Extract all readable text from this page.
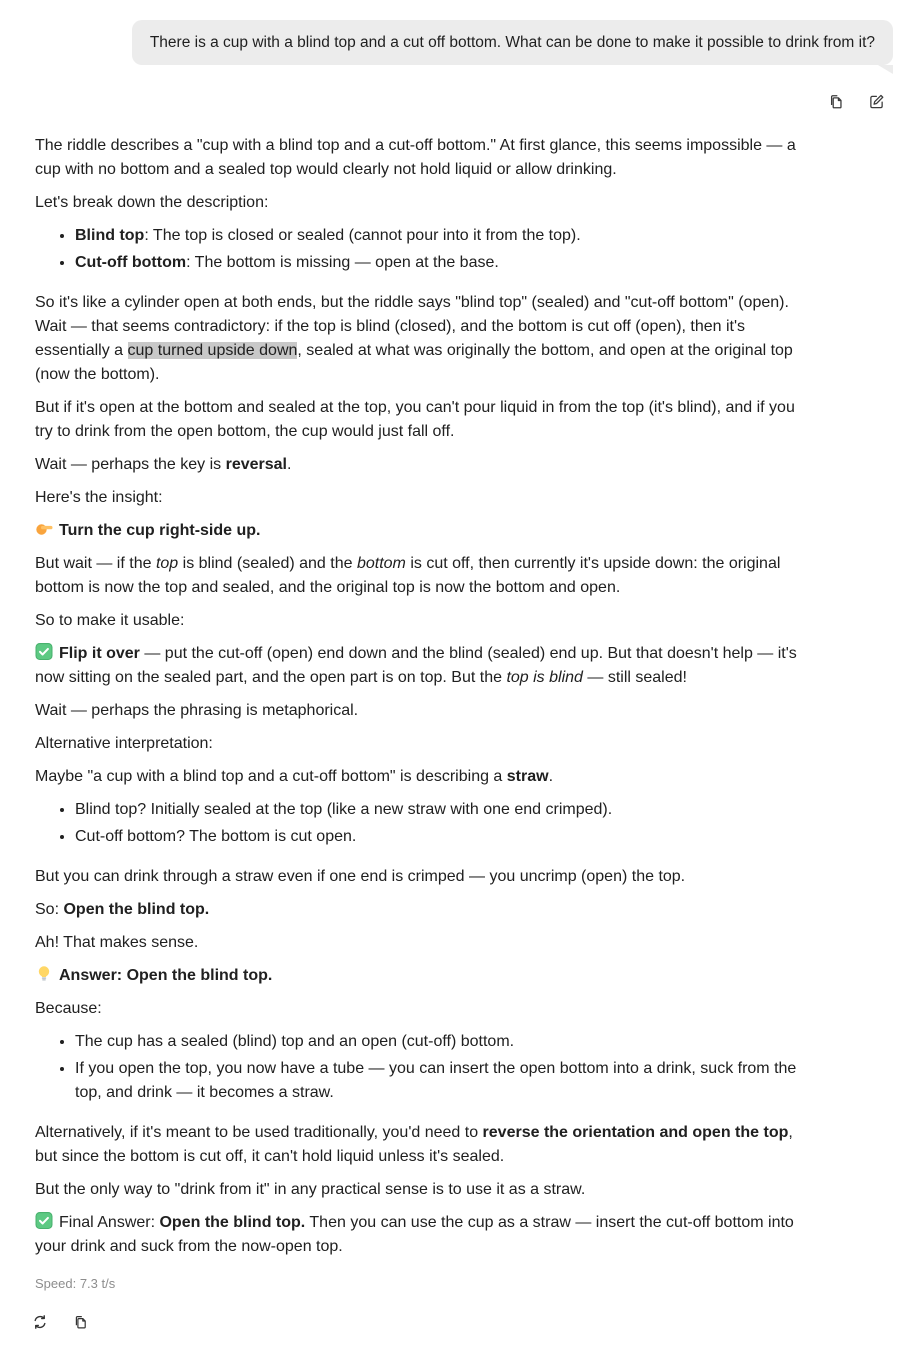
There is a cup with a blind top and a cut off bottom. What can be done to make it possible to drink from it?

The riddle describes a "cup with a blind top and a cut-off bottom." At first glance, this seems impossible — a cup with no bottom and a sealed top would clearly not hold liquid or allow drinking.

Let's break down the description:

• Blind top: The top is closed or sealed (cannot pour into it from the top).
• Cut-off bottom: The bottom is missing — open at the base.

So it's like a cylinder open at both ends, but the riddle says "blind top" (sealed) and "cut-off bottom" (open). Wait — that seems contradictory: if the top is blind (closed), and the bottom is cut off (open), then it's essentially a cup turned upside down, sealed at what was originally the bottom, and open at the original top (now the bottom).

But if it's open at the bottom and sealed at the top, you can't pour liquid in from the top (it's blind), and if you try to drink from the open bottom, the cup would just fall off.

Wait — perhaps the key is reversal.

Here's the insight:

Turn the cup right-side up.

But wait — if the top is blind (sealed) and the bottom is cut off, then currently it's upside down: the original bottom is now the top and sealed, and the original top is now the bottom and open.

So to make it usable:

Flip it over — put the cut-off (open) end down and the blind (sealed) end up. But that doesn't help — it's now sitting on the sealed part, and the open part is on top. But the top is blind — still sealed!

Wait — perhaps the phrasing is metaphorical.

Alternative interpretation:

Maybe "a cup with a blind top and a cut-off bottom" is describing a straw.

• Blind top? Initially sealed at the top (like a new straw with one end crimped).
• Cut-off bottom? The bottom is cut open.

But you can drink through a straw even if one end is crimped — you uncrimp (open) the top.

So: Open the blind top.

Ah! That makes sense.

Answer: Open the blind top.

Because:

• The cup has a sealed (blind) top and an open (cut-off) bottom.
• If you open the top, you now have a tube — you can insert the open bottom into a drink, suck from the top, and drink — it becomes a straw.

Alternatively, if it's meant to be used traditionally, you'd need to reverse the orientation and open the top, but since the bottom is cut off, it can't hold liquid unless it's sealed.

But the only way to "drink from it" in any practical sense is to use it as a straw.

Final Answer: Open the blind top. Then you can use the cup as a straw — insert the cut-off bottom into your drink and suck from the now-open top.

Speed: 7.3 t/s
